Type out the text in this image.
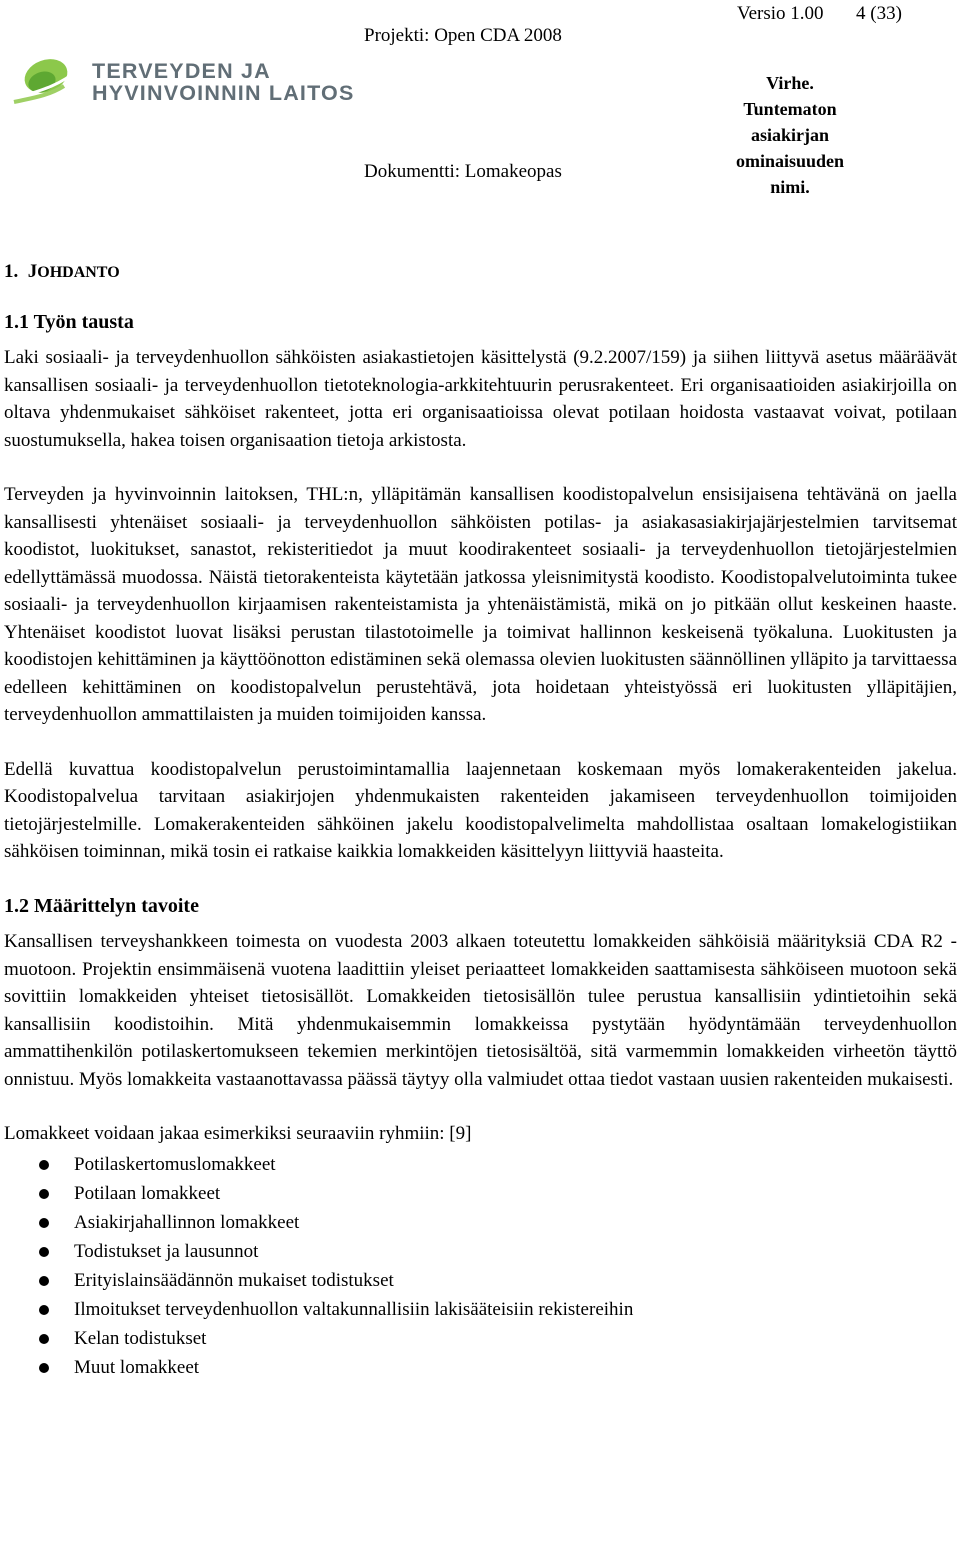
TERVEYDEN JA
HYVINVOINNIN LAITOS
Projekti: Open CDA 2008
Versio 1.00 4 (33)
Virhe.
Tuntematon
asiakirjan
ominaisuuden
nimi.
Dokumentti: Lomakeopas
1. JOHDANTO
1.1 Työn tausta

Laki sosiaali- ja terveydenhuollon sähköisten asiakastietojen käsittelystä (9.2.2007/159) ja siihen liittyvä asetus määräävät kansallisen sosiaali- ja terveydenhuollon tietoteknologia-arkkitehtuurin perusrakenteet. Eri organisaatioiden asiakirjoilla on oltava yhdenmukaiset sähköiset rakenteet, jotta eri organisaatioissa olevat potilaan hoidosta vastaavat voivat, potilaan suostumuksella, hakea toisen organisaation tietoja arkistosta.

Terveyden ja hyvinvoinnin laitoksen, THL:n, ylläpitämän kansallisen koodistopalvelun ensisijaisena tehtävänä on jaella kansallisesti yhtenäiset sosiaali- ja terveydenhuollon sähköisten potilas- ja asiakasasiakirjajärjestelmien tarvitsemat koodistot, luokitukset, sanastot, rekisteritiedot ja muut koodirakenteet sosiaali- ja terveydenhuollon tietojärjestelmien edellyttämässä muodossa. Näistä tietorakenteista käytetään jatkossa yleisnimitystä koodisto. Koodistopalvelutoiminta tukee sosiaali- ja terveydenhuollon kirjaamisen rakenteistamista ja yhtenäistämistä, mikä on jo pitkään ollut keskeinen haaste. Yhtenäiset koodistot luovat lisäksi perustan tilastotoimelle ja toimivat hallinnon keskeisenä työkaluna. Luokitusten ja koodistojen kehittäminen ja käyttöönotton edistäminen sekä olemassa olevien luokitusten säännöllinen ylläpito ja tarvittaessa edelleen kehittäminen on koodistopalvelun perustehtävä, jota hoidetaan yhteistyössä eri luokitusten ylläpitäjien, terveydenhuollon ammattilaisten ja muiden toimijoiden kanssa.

Edellä kuvattua koodistopalvelun perustoimintamallia laajennetaan koskemaan myös lomakerakenteiden jakelua. Koodistopalvelua tarvitaan asiakirjojen yhdenmukaisten rakenteiden jakamiseen terveydenhuollon toimijoiden tietojärjestelmille. Lomakerakenteiden sähköinen jakelu koodistopalvelimelta mahdollistaa osaltaan lomakelogistiikan sähköisen toiminnan, mikä tosin ei ratkaise kaikkia lomakkeiden käsittelyyn liittyviä haasteita.

1.2 Määrittelyn tavoite

Kansallisen terveyshankkeen toimesta on vuodesta 2003 alkaen toteutettu lomakkeiden sähköisiä määrityksiä CDA R2 -muotoon. Projektin ensimmäisenä vuotena laadittiin yleiset periaatteet lomakkeiden saattamisesta sähköiseen muotoon sekä sovittiin lomakkeiden yhteiset tietosisällöt. Lomakkeiden tietosisällön tulee perustua kansallisiin ydintietoihin sekä kansallisiin koodistoihin. Mitä yhdenmukaisemmin lomakkeissa pystytään hyödyntämään terveydenhuollon ammattihenkilön potilaskertomukseen tekemien merkintöjen tietosisältöä, sitä varmemmin lomakkeiden virheetön täyttö onnistuu. Myös lomakkeita vastaanottavassa päässä täytyy olla valmiudet ottaa tiedot vastaan uusien rakenteiden mukaisesti.

Lomakkeet voidaan jakaa esimerkiksi seuraaviin ryhmiin: [9]

Potilaskertomuslomakkeet
Potilaan lomakkeet
Asiakirjahallinnon lomakkeet
Todistukset ja lausunnot
Erityislainsäädännön mukaiset todistukset
Ilmoitukset terveydenhuollon valtakunnallisiin lakisääteisiin rekistereihin
Kelan todistukset
Muut lomakkeet
